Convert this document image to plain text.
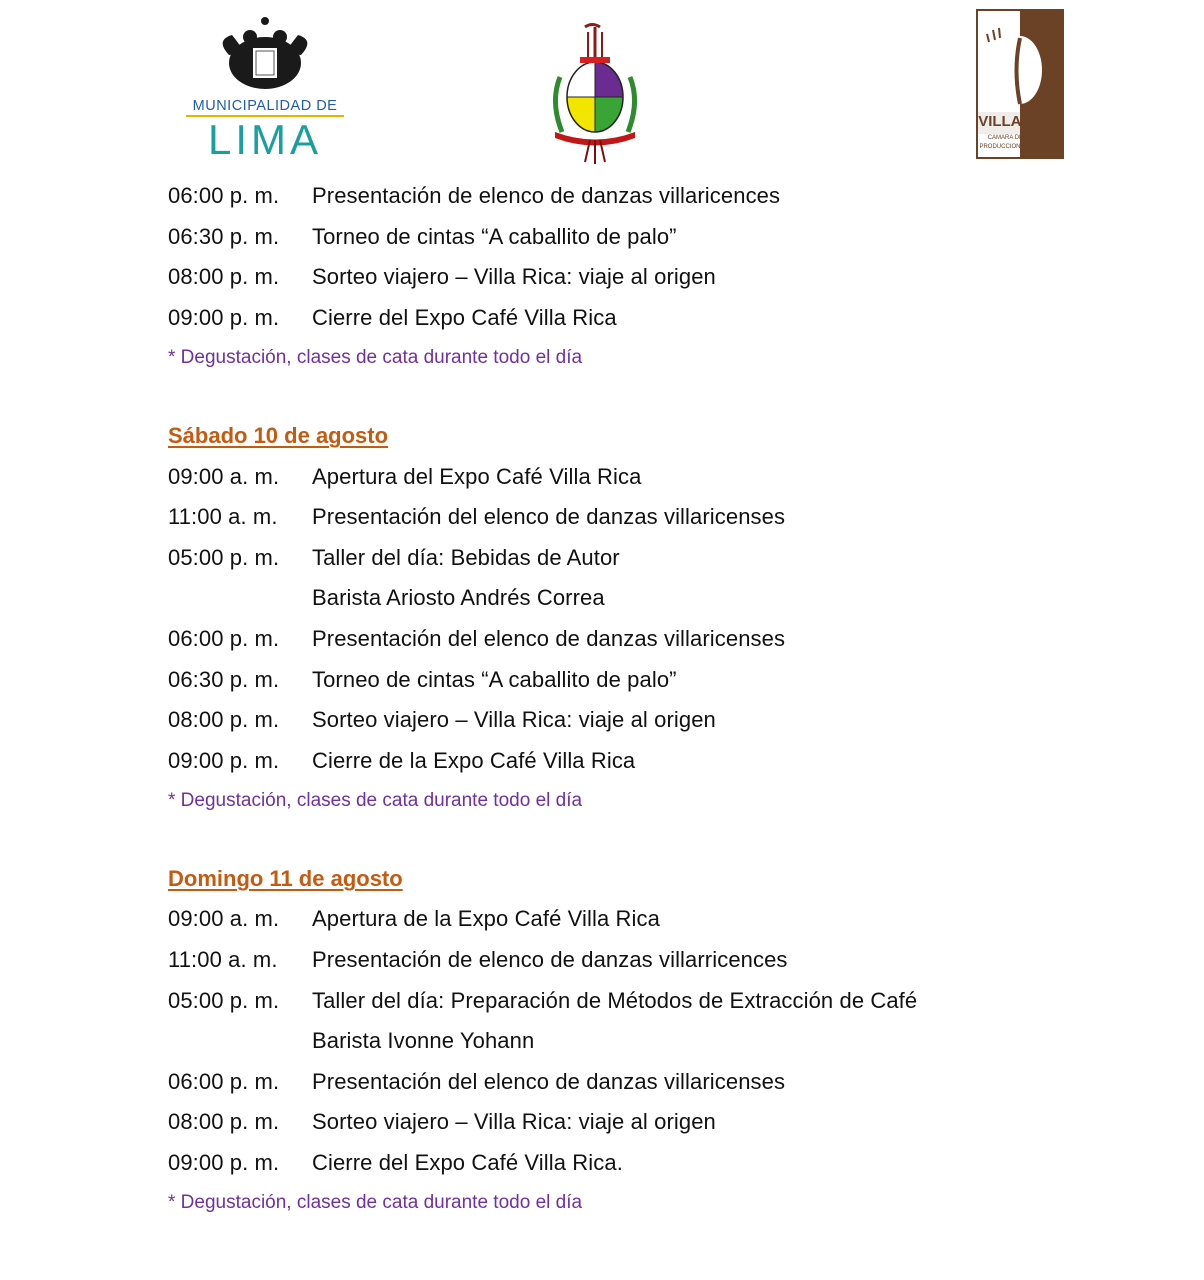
IK
MUNICIPALIDAD DE
LIMA	VILLA RICA
CAMARA DE TURISMO
PRODUCCION Y COMERCIO
06:00 p. m.	Presentación de elenco de danzas villaricences
06:30 p. m.	Torneo de cintas “A caballito de palo”
08:00 p. m.	Sorteo viajero – Villa Rica: viaje al origen
09:00 p. m.	Cierre del Expo Café Villa Rica
* Degustación, clases de cata durante todo el día
Sábado 10 de agosto
09:00 a. m.	Apertura del Expo Café Villa Rica
11:00 a. m.	Presentación del elenco de danzas villaricenses
05:00 p. m.	Taller del día: Bebidas de Autor
Barista Ariosto Andrés Correa
06:00 p. m.	Presentación del elenco de danzas villaricenses
06:30 p. m.	Torneo de cintas “A caballito de palo”
08:00 p. m.	Sorteo viajero – Villa Rica: viaje al origen
09:00 p. m.	Cierre de la Expo Café Villa Rica
* Degustación, clases de cata durante todo el día
Domingo 11 de agosto
09:00 a. m.	Apertura de la Expo Café Villa Rica
11:00 a. m.	Presentación de elenco de danzas villarricences
05:00 p. m.	Taller del día: Preparación de Métodos de Extracción de Café
Barista Ivonne Yohann
06:00 p. m.	Presentación del elenco de danzas villaricenses
08:00 p. m.	Sorteo viajero – Villa Rica: viaje al origen
09:00 p. m.	Cierre del Expo Café Villa Rica.
* Degustación, clases de cata durante todo el día
